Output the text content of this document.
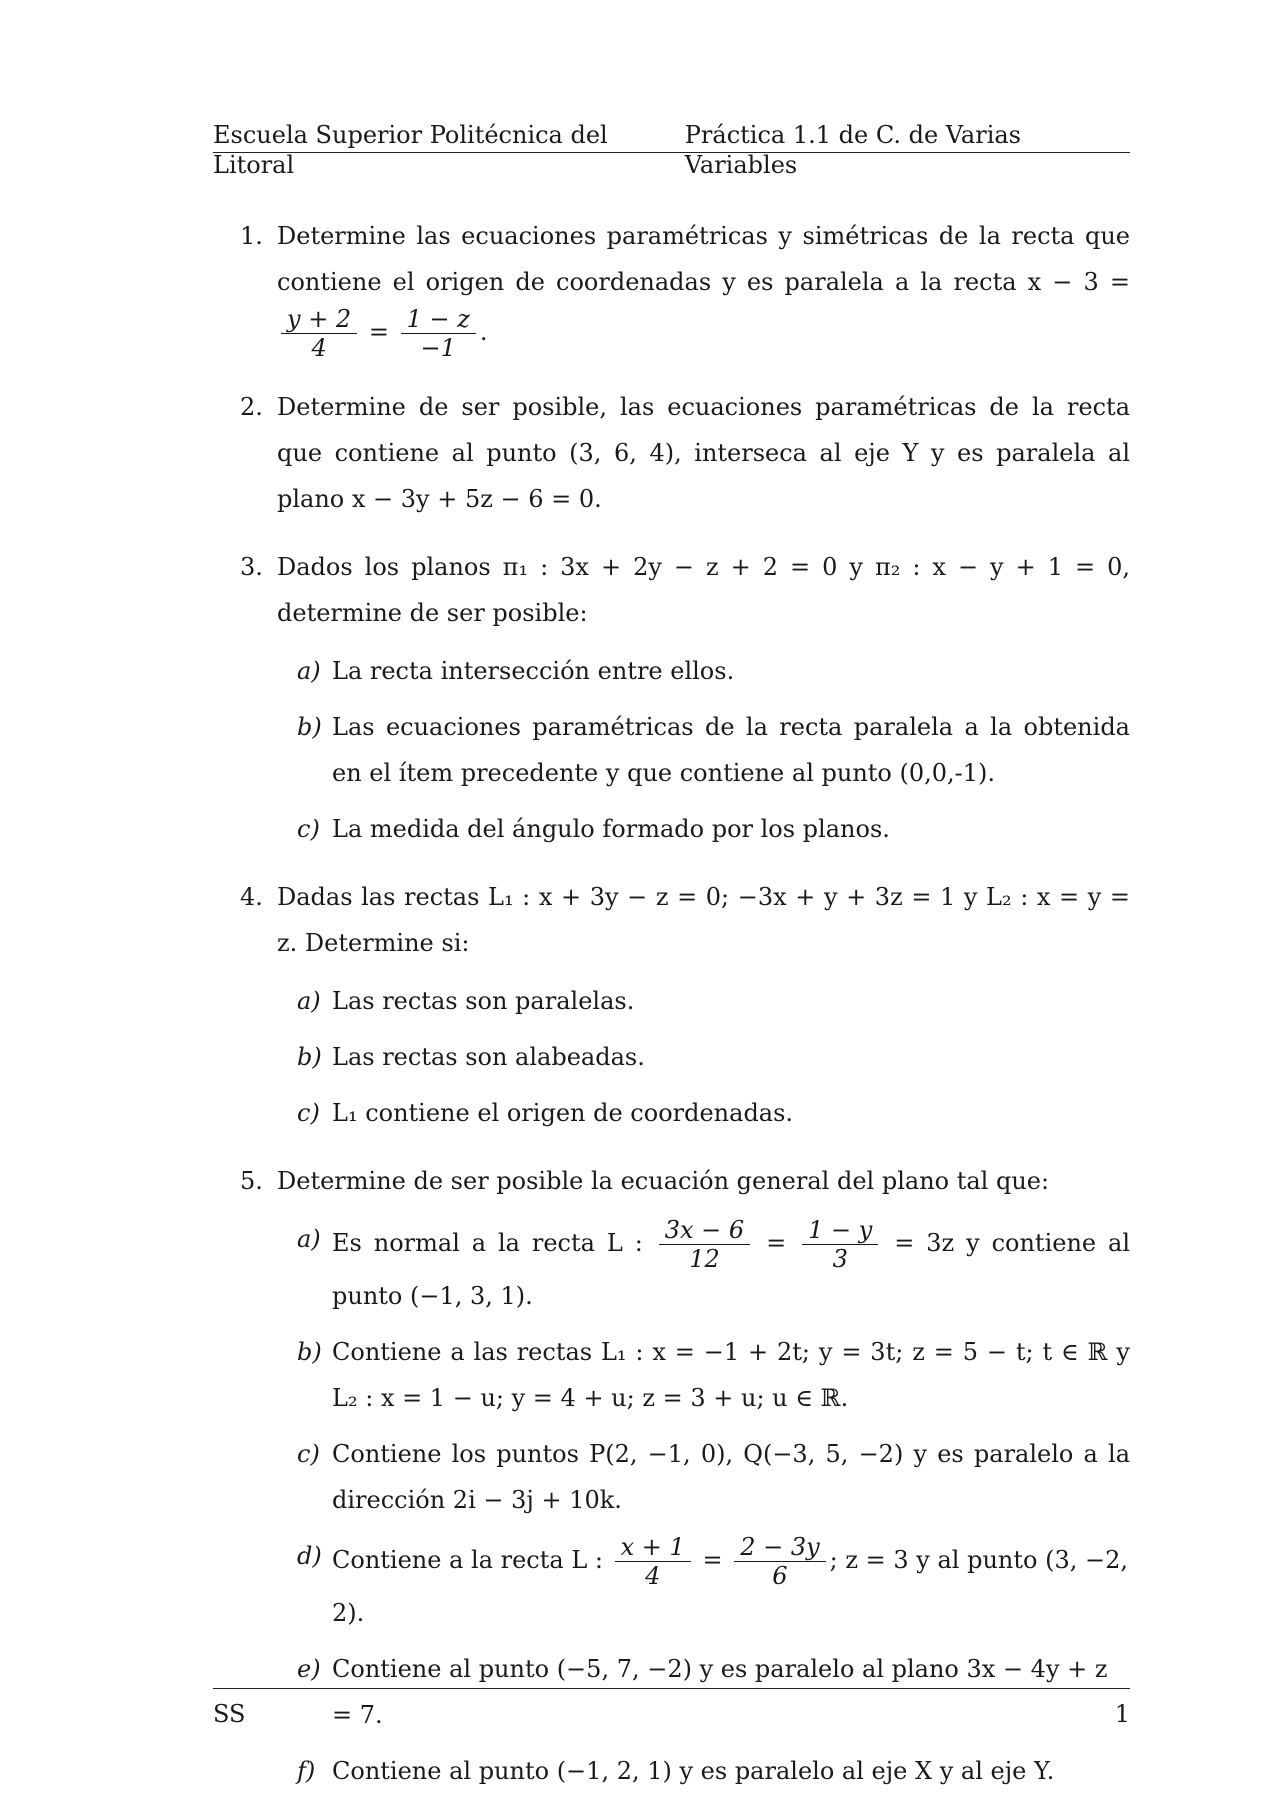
Escuela Superior Politécnica del Litoral
Práctica 1.1 de C. de Varias Variables
1. Determine las ecuaciones paramétricas y simétricas de la recta que contiene el origen de coordenadas y es paralela a la recta x − 3 =
$\frac{y + 2}{4} = \frac{1 - z}{-1}$ .
2. Determine de ser posible, las ecuaciones paramétricas de la recta que contiene al punto (3, 6, 4), interseca al eje Y y es paralela al plano x − 3y + 5z − 6 = 0.
3. Dados los planos π₁ : 3x + 2y − z + 2 = 0 y π₂ : x − y + 1 = 0, determine de ser posible:
a) La recta intersección entre ellos.
b) Las ecuaciones paramétricas de la recta paralela a la obtenida en el ítem precedente y que contiene al punto (0,0,-1).
c) La medida del ángulo formado por los planos.
4. Dadas las rectas L₁ : x + 3y − z = 0; −3x + y + 3z = 1 y L₂ : x = y = z. Determine si:
a) Las rectas son paralelas.
b) Las rectas son alabeadas.
c) L₁ contiene el origen de coordenadas.
5. Determine de ser posible la ecuación general del plano tal que:
a) Es normal a la recta L : $\frac{3x - 6}{12} = \frac{1 - y}{3} = 3z$ y contiene al punto (−1, 3, 1).
b) Contiene a las rectas L₁ : x = −1 + 2t; y = 3t; z = 5 − t; t ∈ ℝ y L₂ : x = 1 − u; y = 4 + u; z = 3 + u; u ∈ ℝ.
c) Contiene los puntos P(2, −1, 0), Q(−3, 5, −2) y es paralelo a la dirección 2i − 3j + 10k.
d) Contiene a la recta L : $\frac{x + 1}{4} = \frac{2 - 3y}{6}$ ; z = 3 y al punto (3, −2, 2).
e) Contiene al punto (−5, 7, −2) y es paralelo al plano 3x − 4y + z = 7.
f) Contiene al punto (−1, 2, 1) y es paralelo al eje X y al eje Y.
SS	1
